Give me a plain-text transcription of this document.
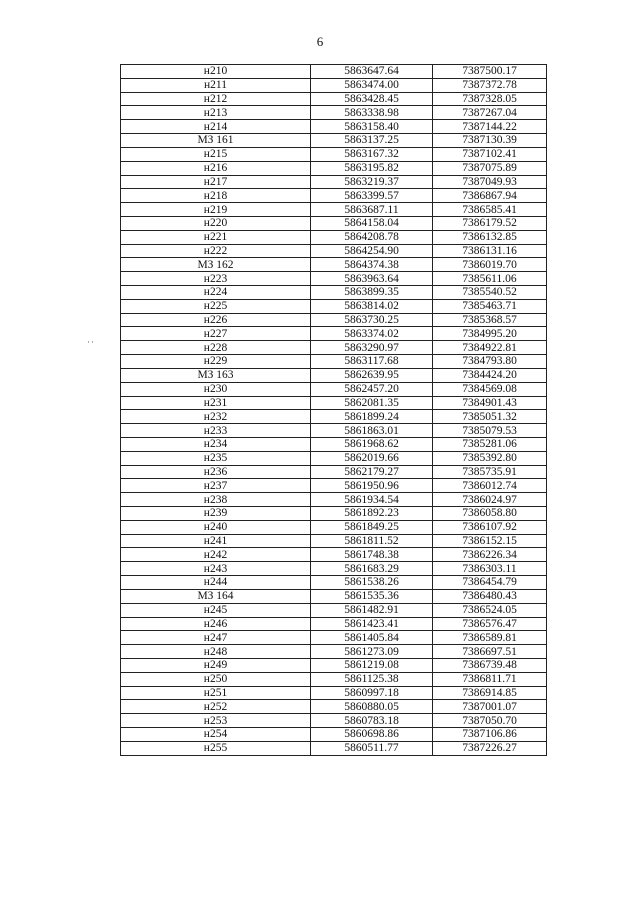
6
··
н210	5863647.64	7387500.17
н211	5863474.00	7387372.78
н212	5863428.45	7387328.05
н213	5863338.98	7387267.04
н214	5863158.40	7387144.22
МЗ 161	5863137.25	7387130.39
н215	5863167.32	7387102.41
н216	5863195.82	7387075.89
н217	5863219.37	7387049.93
н218	5863399.57	7386867.94
н219	5863687.11	7386585.41
н220	5864158.04	7386179.52
н221	5864208.78	7386132.85
н222	5864254.90	7386131.16
МЗ 162	5864374.38	7386019.70
н223	5863963.64	7385611.06
н224	5863899.35	7385540.52
н225	5863814.02	7385463.71
н226	5863730.25	7385368.57
н227	5863374.02	7384995.20
н228	5863290.97	7384922.81
н229	5863117.68	7384793.80
МЗ 163	5862639.95	7384424.20
н230	5862457.20	7384569.08
н231	5862081.35	7384901.43
н232	5861899.24	7385051.32
н233	5861863.01	7385079.53
н234	5861968.62	7385281.06
н235	5862019.66	7385392.80
н236	5862179.27	7385735.91
н237	5861950.96	7386012.74
н238	5861934.54	7386024.97
н239	5861892.23	7386058.80
н240	5861849.25	7386107.92
н241	5861811.52	7386152.15
н242	5861748.38	7386226.34
н243	5861683.29	7386303.11
н244	5861538.26	7386454.79
МЗ 164	5861535.36	7386480.43
н245	5861482.91	7386524.05
н246	5861423.41	7386576.47
н247	5861405.84	7386589.81
н248	5861273.09	7386697.51
н249	5861219.08	7386739.48
н250	5861125.38	7386811.71
н251	5860997.18	7386914.85
н252	5860880.05	7387001.07
н253	5860783.18	7387050.70
н254	5860698.86	7387106.86
н255	5860511.77	7387226.27
